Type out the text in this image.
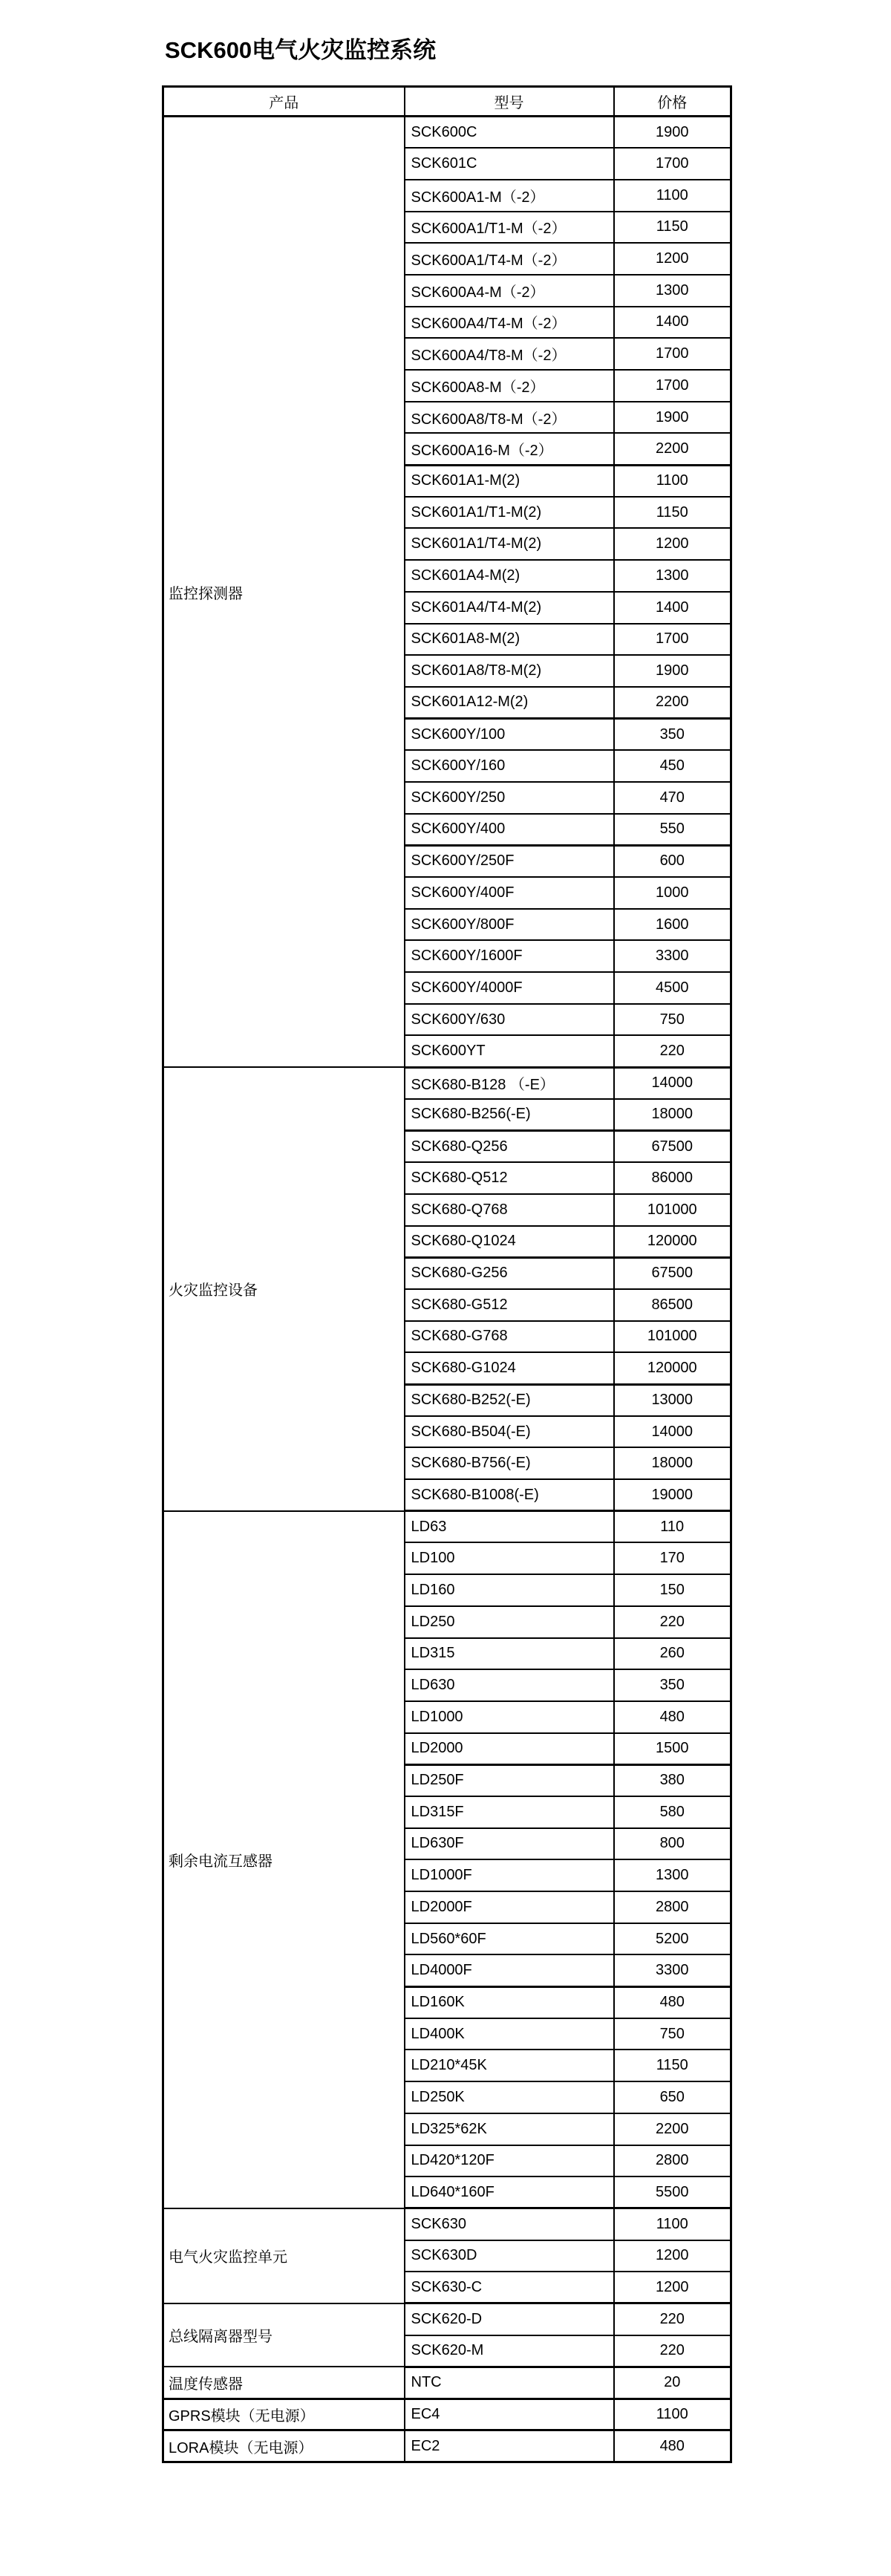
SCK600电气火灾监控系统
产品	型号	价格
监控探测器	SCK600C	1900
	SCK601C	1700
	SCK600A1-M（-2）	1100
	SCK600A1/T1-M（-2）	1150
	SCK600A1/T4-M（-2）	1200
	SCK600A4-M（-2）	1300
	SCK600A4/T4-M（-2）	1400
	SCK600A4/T8-M（-2）	1700
	SCK600A8-M（-2）	1700
	SCK600A8/T8-M（-2）	1900
	SCK600A16-M（-2）	2200
	SCK601A1-M(2)	1100
	SCK601A1/T1-M(2)	1150
	SCK601A1/T4-M(2)	1200
	SCK601A4-M(2)	1300
	SCK601A4/T4-M(2)	1400
	SCK601A8-M(2)	1700
	SCK601A8/T8-M(2)	1900
	SCK601A12-M(2)	2200
	SCK600Y/100	350
	SCK600Y/160	450
	SCK600Y/250	470
	SCK600Y/400	550
	SCK600Y/250F	600
	SCK600Y/400F	1000
	SCK600Y/800F	1600
	SCK600Y/1600F	3300
	SCK600Y/4000F	4500
	SCK600Y/630	750
	SCK600YT	220
火灾监控设备	SCK680-B128 （-E）	14000
	SCK680-B256(-E)	18000
	SCK680-Q256	67500
	SCK680-Q512	86000
	SCK680-Q768	101000
	SCK680-Q1024	120000
	SCK680-G256	67500
	SCK680-G512	86500
	SCK680-G768	101000
	SCK680-G1024	120000
	SCK680-B252(-E)	13000
	SCK680-B504(-E)	14000
	SCK680-B756(-E)	18000
	SCK680-B1008(-E)	19000
剩余电流互感器	LD63	110
	LD100	170
	LD160	150
	LD250	220
	LD315	260
	LD630	350
	LD1000	480
	LD2000	1500
	LD250F	380
	LD315F	580
	LD630F	800
	LD1000F	1300
	LD2000F	2800
	LD560*60F	5200
	LD4000F	3300
	LD160K	480
	LD400K	750
	LD210*45K	1150
	LD250K	650
	LD325*62K	2200
	LD420*120F	2800
	LD640*160F	5500
电气火灾监控单元	SCK630	1100
	SCK630D	1200
	SCK630-C	1200
总线隔离器型号	SCK620-D	220
	SCK620-M	220
温度传感器	NTC	20
GPRS模块（无电源）	EC4	1100
LORA模块（无电源）	EC2	480
